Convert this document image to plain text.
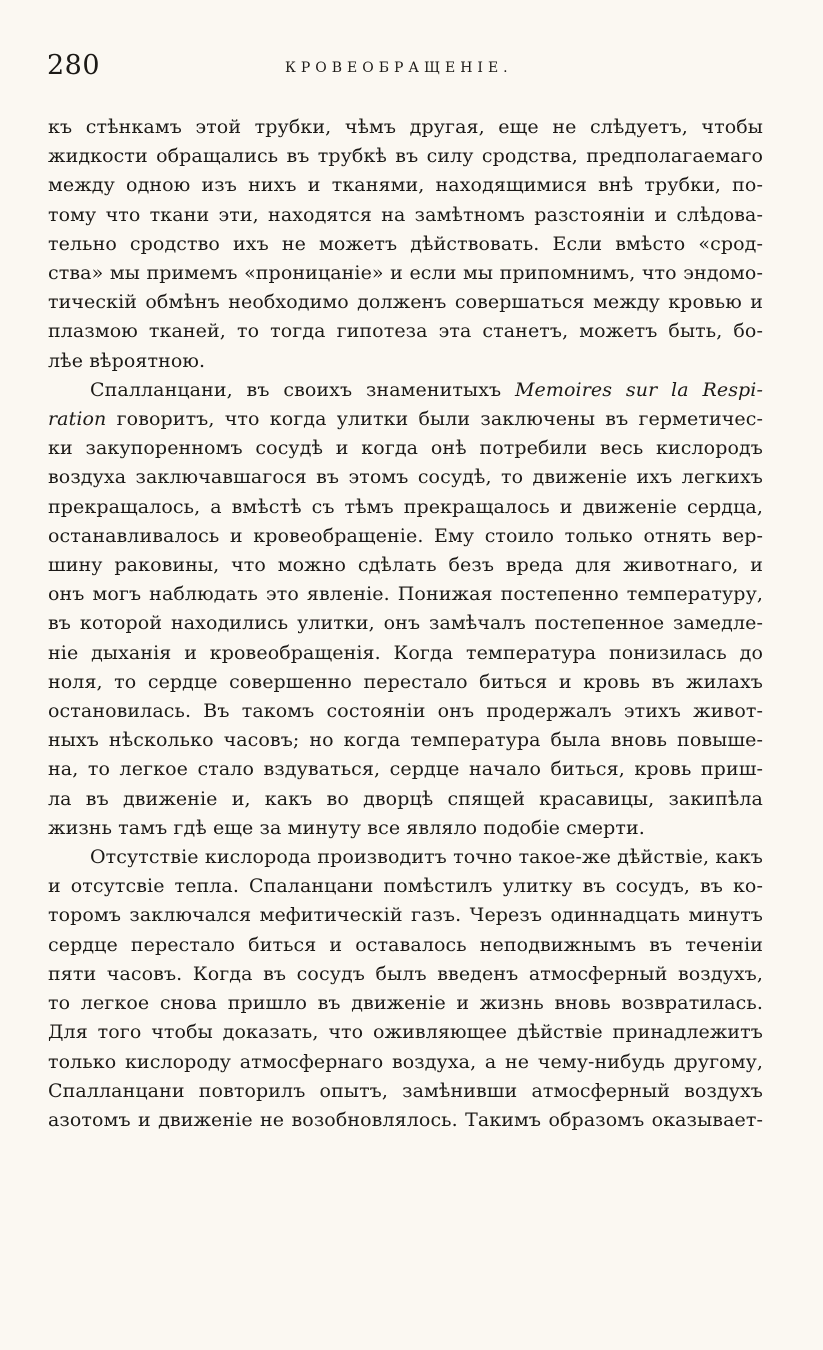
280	КРОВЕОБРАЩЕНІЕ.

къ стѣнкамъ этой трубки, чѣмъ другая, еще не слѣдуетъ, чтобы

жидкости обращались въ трубкѣ въ силу сродства, предполагаемаго

между одною изъ нихъ и тканями, находящимися внѣ трубки, по-

тому что ткани эти, находятся на замѣтномъ разстояніи и слѣдова-

тельно сродство ихъ не можетъ дѣйствовать. Если вмѣсто «срод-

ства» мы примемъ «проницаніе» и если мы припомнимъ, что эндомо-

тическій обмѣнъ необходимо долженъ совершаться между кровью и

плазмою тканей, то тогда гипотеза эта станетъ, можетъ быть, бо-

лѣе вѣроятною.

Спалланцани, въ своихъ знаменитыхъ Memoires sur la Respi-

ration говоритъ, что когда улитки были заключены въ герметичес-

ки закупоренномъ сосудѣ и когда онѣ потребили весь кислородъ

воздуха заключавшагося въ этомъ сосудѣ, то движеніе ихъ легкихъ

прекращалось, а вмѣстѣ съ тѣмъ прекращалось и движеніе сердца,

останавливалось и кровеобращеніе. Ему стоило только отнять вер-

шину раковины, что можно сдѣлать безъ вреда для животнаго, и

онъ могъ наблюдать это явленіе. Понижая постепенно температуру,

въ которой находились улитки, онъ замѣчалъ постепенное замедле-

ніе дыханія и кровеобращенія. Когда температура понизилась до

ноля, то сердце совершенно перестало биться и кровь въ жилахъ

остановилась. Въ такомъ состояніи онъ продержалъ этихъ живот-

ныхъ нѣсколько часовъ; но когда температура была вновь повыше-

на, то легкое стало вздуваться, сердце начало биться, кровь приш-

ла въ движеніе и, какъ во дворцѣ спящей красавицы, закипѣла

жизнь тамъ гдѣ еще за минуту все являло подобіе смерти.

Отсутствіе кислорода производитъ точно такое-же дѣйствіе, какъ

и отсутсвіе тепла. Спаланцани помѣстилъ улитку въ сосудъ, въ ко-

торомъ заключался мефитическій газъ. Черезъ одиннадцать минутъ

сердце перестало биться и оставалось неподвижнымъ въ теченіи

пяти часовъ. Когда въ сосудъ былъ введенъ атмосферный воздухъ,

то легкое снова пришло въ движеніе и жизнь вновь возвратилась.

Для того чтобы доказать, что оживляющее дѣйствіе принадлежитъ

только кислороду атмосфернаго воздуха, а не чему-нибудь другому,

Спалланцани повторилъ опытъ, замѣнивши атмосферный воздухъ

азотомъ и движеніе не возобновлялось. Такимъ образомъ оказывает-
